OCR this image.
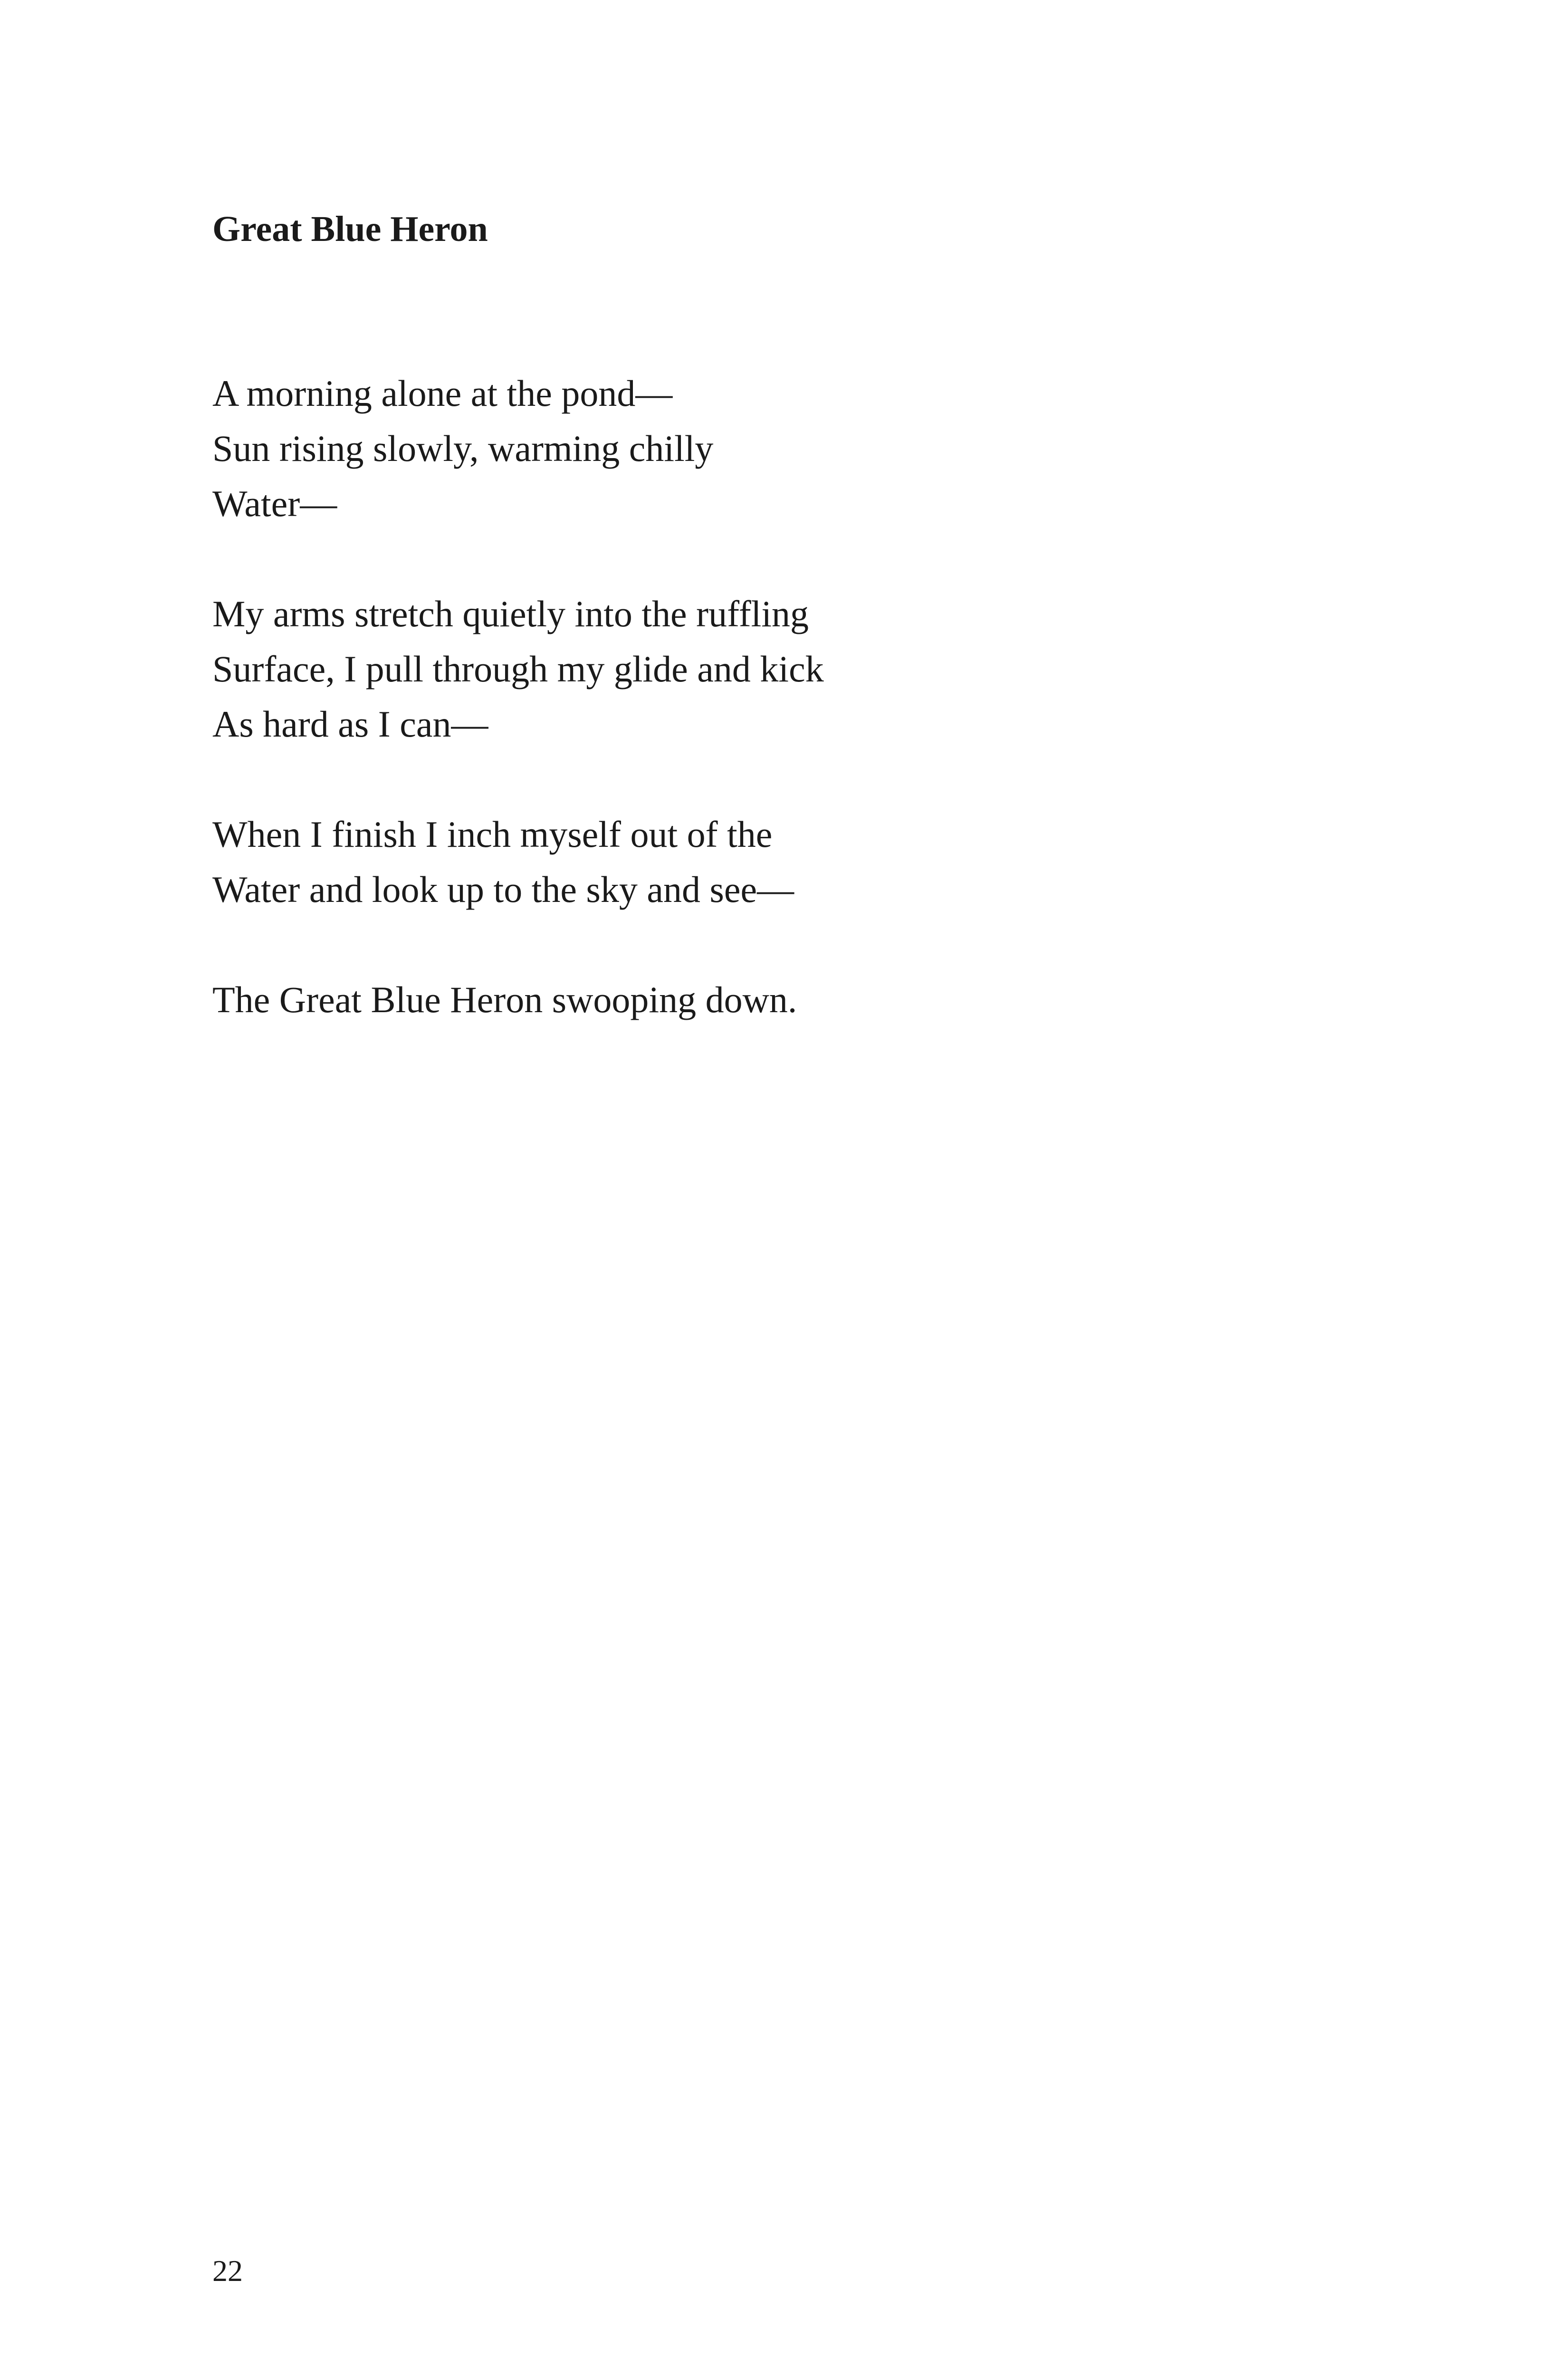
Great Blue Heron
A morning alone at the pond—
Sun rising slowly, warming chilly
Water—
My arms stretch quietly into the ruffling
Surface, I pull through my glide and kick
As hard as I can—
When I finish I inch myself out of the
Water and look up to the sky and see—
The Great Blue Heron swooping down.
22
